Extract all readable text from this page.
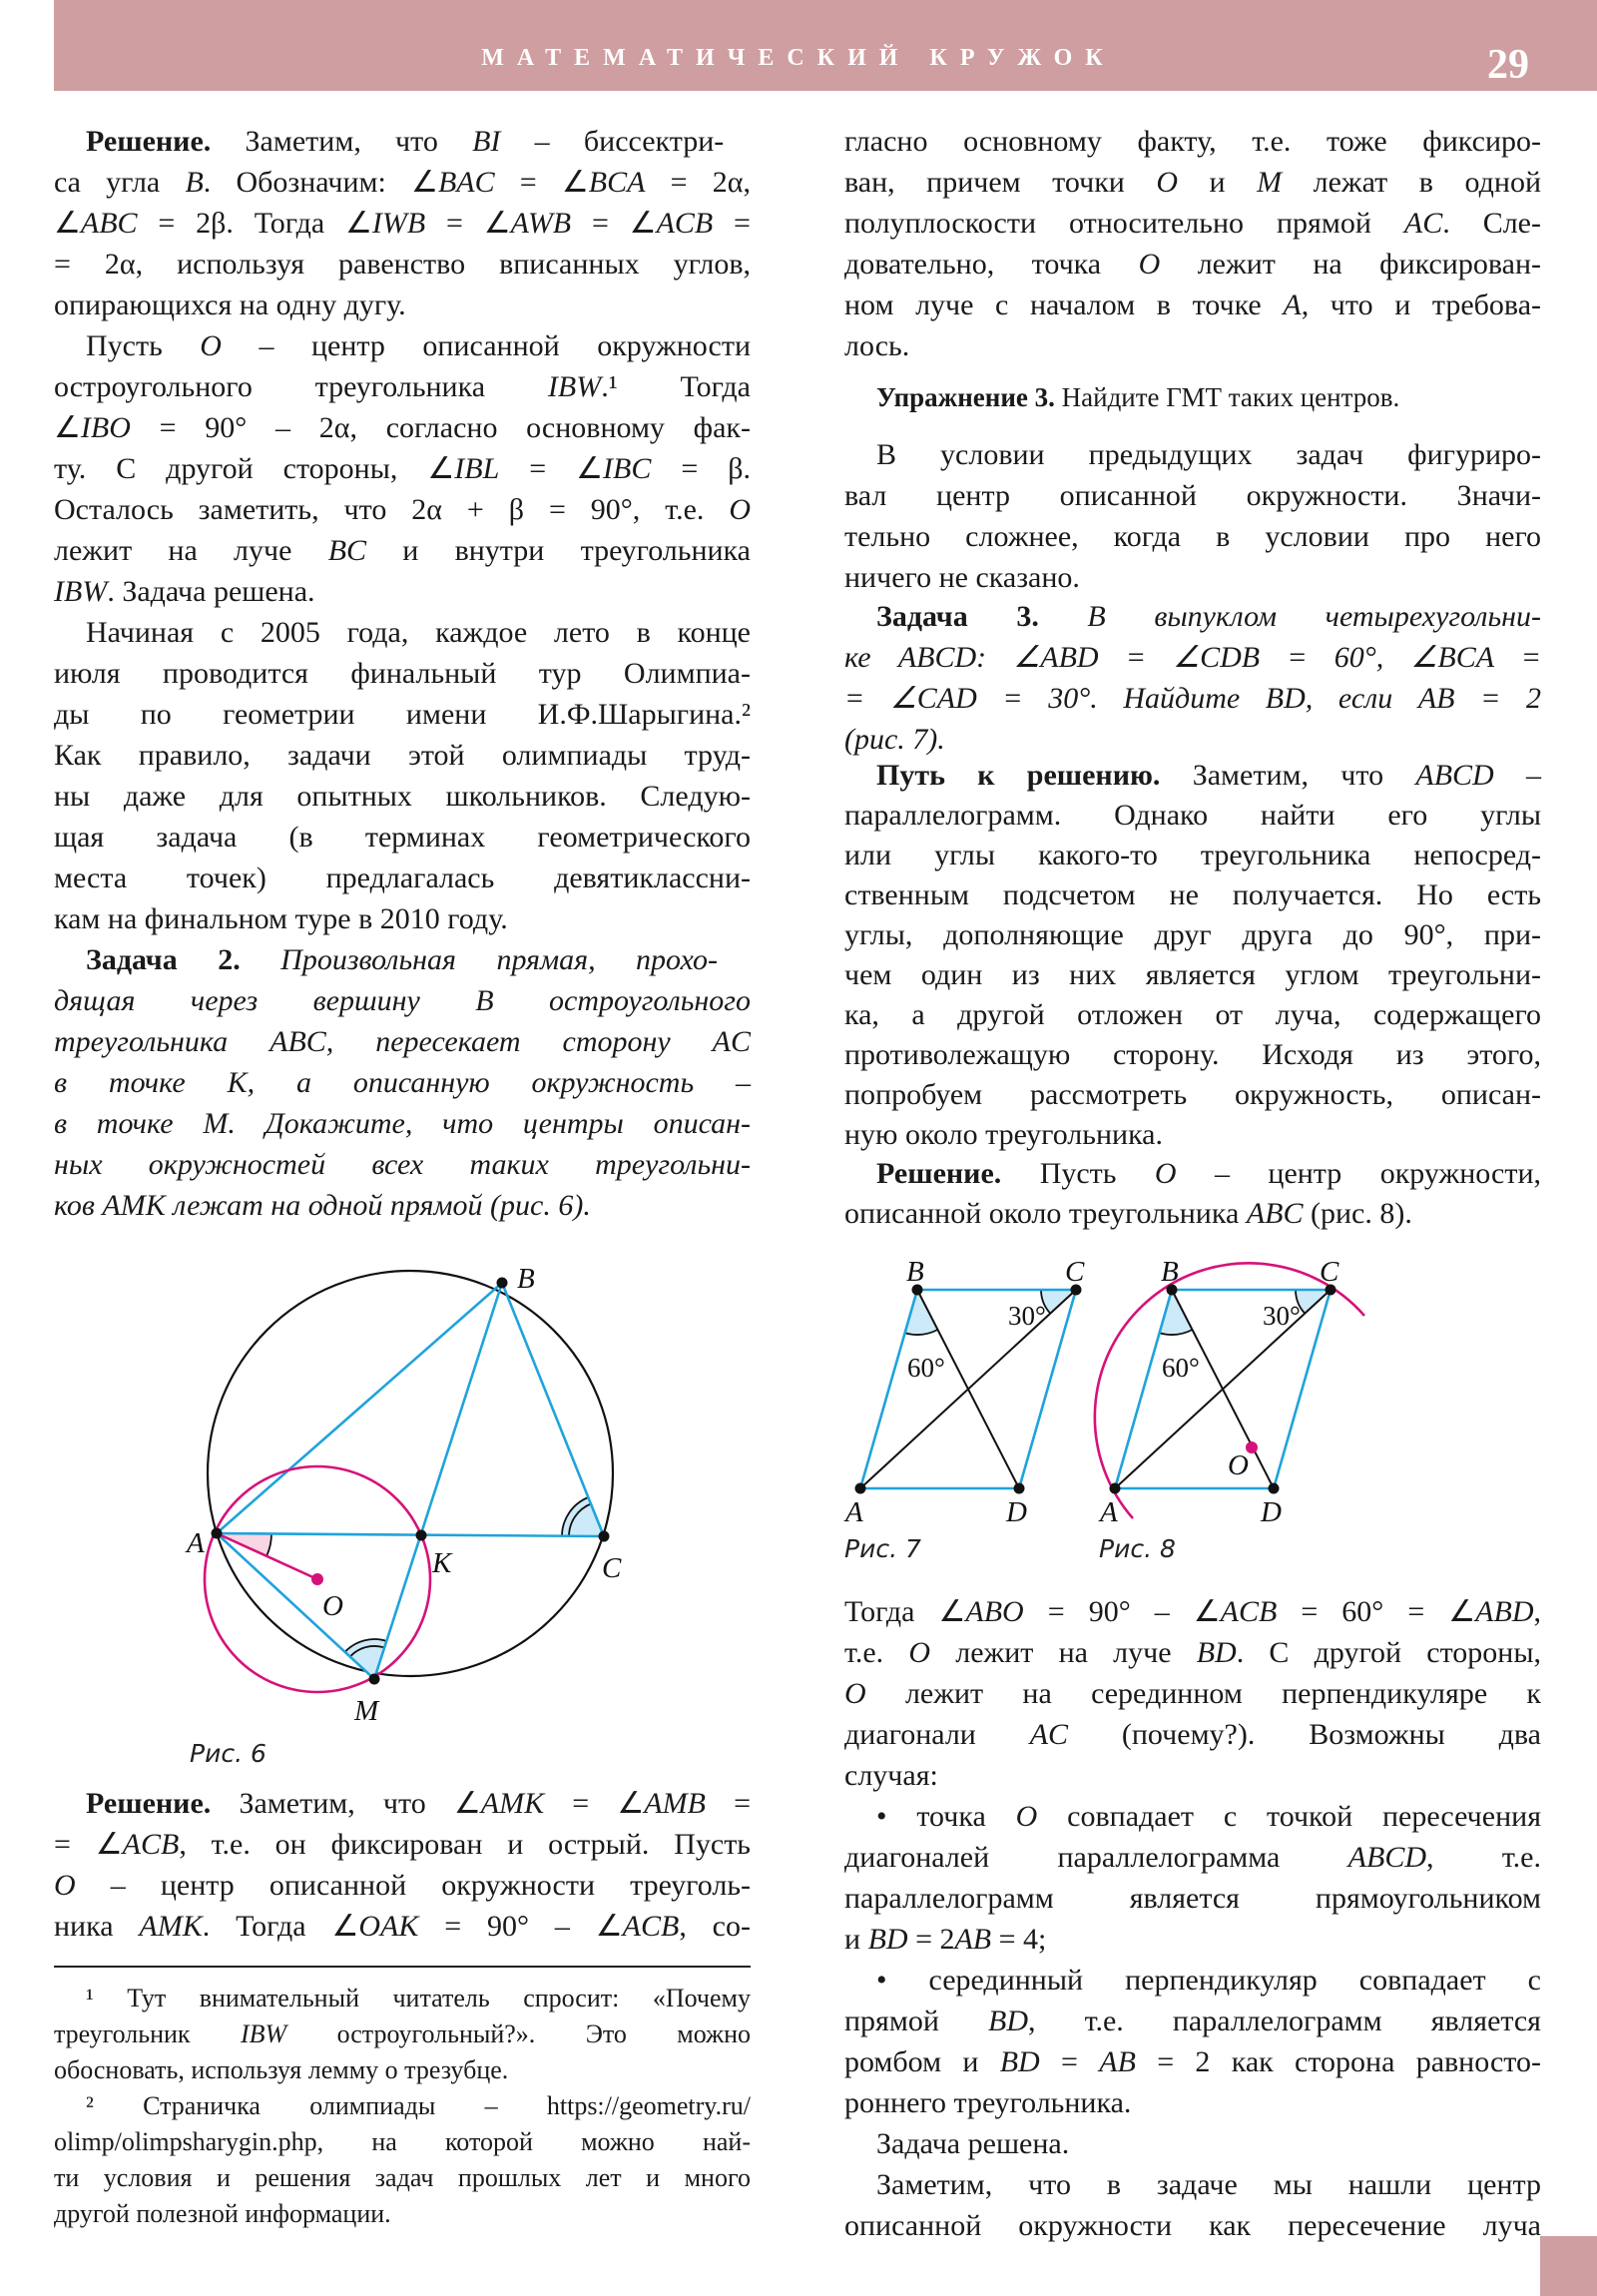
МАТЕМАТИЧЕСКИЙ КРУЖОК	29
Решение. Заметим, что BI – биссектри-
са угла B. Обозначим: ∠BAC = ∠BCA = 2α,
∠ABC = 2β. Тогда ∠IWB = ∠AWB = ∠ACB =
= 2α, используя равенство вписанных углов,
опирающихся на одну дугу.
Пусть O – центр описанной окружности
остроугольного треугольника IBW.¹ Тогда
∠IBO = 90° – 2α, согласно основному фак-
ту. С другой стороны, ∠IBL = ∠IBC = β.
Осталось заметить, что 2α + β = 90°, т.е. O
лежит на луче BC и внутри треугольника
IBW. Задача решена.
Начиная с 2005 года, каждое лето в конце
июля проводится финальный тур Олимпиа-
ды по геометрии имени И.Ф.Шарыгина.²
Как правило, задачи этой олимпиады труд-
ны даже для опытных школьников. Следую-
щая задача (в терминах геометрического
места точек) предлагалась девятиклассни-
кам на финальном туре в 2010 году.
Задача 2. Произвольная прямая, прохо-
дящая через вершину B остроугольного
треугольника ABC, пересекает сторону AC
в точке K, а описанную окружность –
в точке M. Докажите, что центры описан-
ных окружностей всех таких треугольни-
ков AMK лежат на одной прямой (рис. 6).
Решение. Заметим, что ∠AMK = ∠AMB =
= ∠ACB, т.е. он фиксирован и острый. Пусть
O – центр описанной окружности треуголь-
ника AMK. Тогда ∠OAK = 90° – ∠ACB, со-
¹ Тут внимательный читатель спросит: «Почему
треугольник IBW остроугольный?». Это можно
обосновать, используя лемму о трезубце.
² Страничка олимпиады – https://geometry.ru/
olimp/olimpsharygin.php, на которой можно най-
ти условия и решения задач прошлых лет и много
другой полезной информации.
гласно основному факту, т.е. тоже фиксиро-
ван, причем точки O и M лежат в одной
полуплоскости относительно прямой AC. Сле-
довательно, точка O лежит на фиксирован-
ном луче с началом в точке A, что и требова-
лось.
Упражнение 3. Найдите ГМТ таких центров.
В условии предыдущих задач фигуриро-
вал центр описанной окружности. Значи-
тельно сложнее, когда в условии про него
ничего не сказано.
Задача 3. В выпуклом четырехугольни-
ке ABCD: ∠ABD = ∠CDB = 60°, ∠BCA =
= ∠CAD = 30°. Найдите BD, если AB = 2
(рис. 7).
Путь к решению. Заметим, что ABCD –
параллелограмм. Однако найти его углы
или углы какого-то треугольника непосред-
ственным подсчетом не получается. Но есть
углы, дополняющие друг друга до 90°, при-
чем один из них является углом треугольни-
ка, а другой отложен от луча, содержащего
противолежащую сторону. Исходя из этого,
попробуем рассмотреть окружность, описан-
ную около треугольника.
Решение. Пусть O – центр окружности,
описанной около треугольника ABC (рис. 8).
Тогда ∠ABO = 90° – ∠ACB = 60° = ∠ABD,
т.е. O лежит на луче BD. С другой стороны,
O лежит на серединном перпендикуляре к
диагонали AC (почему?). Возможны два
случая:
• точка O совпадает с точкой пересечения
диагоналей параллелограмма ABCD, т.е.
параллелограмм является прямоугольником
и BD = 2AB = 4;
• серединный перпендикуляр совпадает с
прямой BD, т.е. параллелограмм является
ромбом и BD = AB = 2 как сторона равносто-
роннего треугольника.
Задача решена.
Заметим, что в задаче мы нашли центр
описанной окружности как пересечение луча
A
B
C
K
M
O
Рис. 6
B	C
A	D
60°
30°
Рис. 7
B	C
A	D
O
60°
30°
Рис. 8
